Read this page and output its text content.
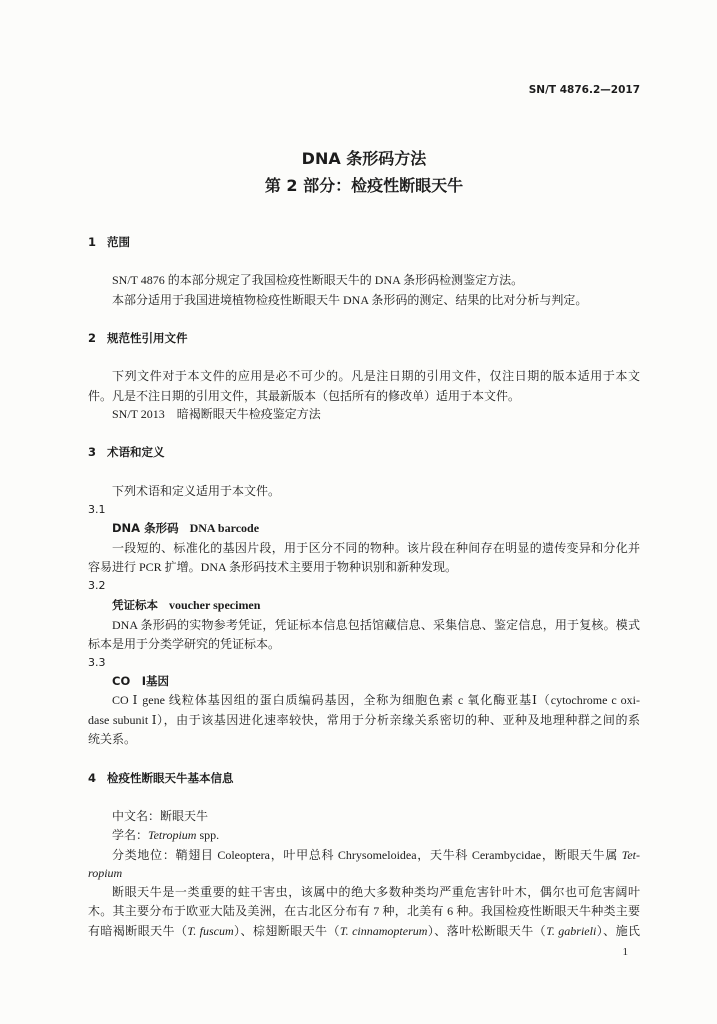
SN/T 4876.2—2017
DNA 条形码方法
第 2 部分：检疫性断眼天牛
1 范围
SN/T 4876 的本部分规定了我国检疫性断眼天牛的 DNA 条形码检测鉴定方法。
本部分适用于我国进境植物检疫性断眼天牛 DNA 条形码的测定、结果的比对分析与判定。
2 规范性引用文件
下列文件对于本文件的应用是必不可少的。凡是注日期的引用文件，仅注日期的版本适用于本文
件。凡是不注日期的引用文件，其最新版本（包括所有的修改单）适用于本文件。
SN/T 2013　暗褐断眼天牛检疫鉴定方法
3 术语和定义
下列术语和定义适用于本文件。
3.1
DNA 条形码 DNA barcode
一段短的、标准化的基因片段，用于区分不同的物种。该片段在种间存在明显的遗传变异和分化并
容易进行 PCR 扩增。DNA 条形码技术主要用于物种识别和新种发现。
3.2
凭证标本 voucher specimen
DNA 条形码的实物参考凭证，凭证标本信息包括馆藏信息、采集信息、鉴定信息，用于复核。模式
标本是用于分类学研究的凭证标本。
3.3
CO　Ⅰ基因
CO Ⅰ gene 线粒体基因组的蛋白质编码基因，全称为细胞色素 c 氧化酶亚基Ⅰ（cytochrome c oxi-
dase subunit Ⅰ），由于该基因进化速率较快，常用于分析亲缘关系密切的种、亚种及地理种群之间的系
统关系。
4 检疫性断眼天牛基本信息
中文名：断眼天牛
学名：Tetropium spp.
分类地位：鞘翅目 Coleoptera，叶甲总科 Chrysomeloidea，天牛科 Cerambycidae，断眼天牛属 Tet-
ropium
断眼天牛是一类重要的蛀干害虫，该属中的绝大多数种类均严重危害针叶木，偶尔也可危害阔叶
木。其主要分布于欧亚大陆及美洲，在古北区分布有 7 种，北美有 6 种。我国检疫性断眼天牛种类主要
有暗褐断眼天牛（T. fuscum）、棕翅断眼天牛（T. cinnamopterum）、落叶松断眼天牛（T. gabrieli）、施氏
1
